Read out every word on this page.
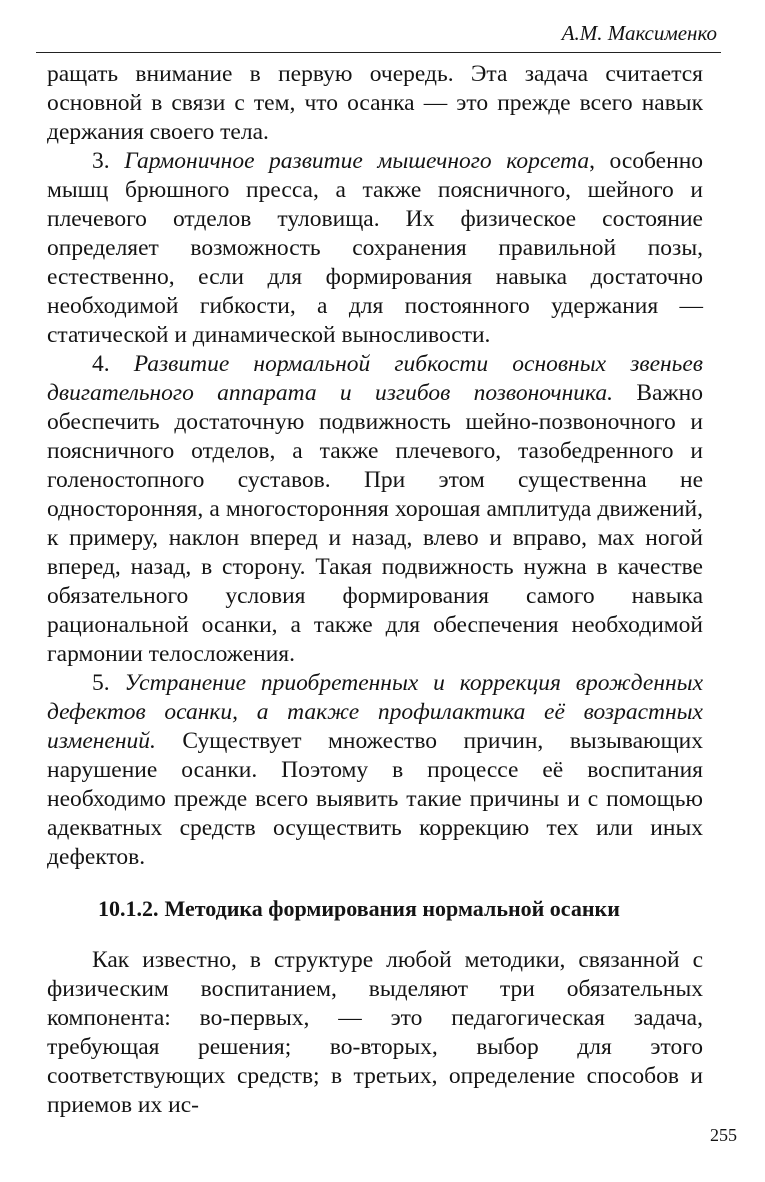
А.М. Максименко

ращать внимание в первую очередь. Эта задача считается основной в связи с тем, что осанка — это прежде всего навык держания своего тела.

3. Гармоничное развитие мышечного корсета, особенно мышц брюшного пресса, а также поясничного, шейного и плечевого отделов туловища. Их физическое состояние определяет возможность сохранения правильной позы, естественно, если для формирования навыка достаточно необходимой гибкости, а для постоянного удержания — статической и динамической выносливости.

4. Развитие нормальной гибкости основных звеньев двигательного аппарата и изгибов позвоночника. Важно обеспечить достаточную подвижность шейно-позвоночного и поясничного отделов, а также плечевого, тазобедренного и голеностопного суставов. При этом существенна не односторонняя, а многосторонняя хорошая амплитуда движений, к примеру, наклон вперед и назад, влево и вправо, мах ногой вперед, назад, в сторону. Такая подвижность нужна в качестве обязательного условия формирования самого навыка рациональной осанки, а также для обеспечения необходимой гармонии телосложения.

5. Устранение приобретенных и коррекция врожденных дефектов осанки, а также профилактика её возрастных изменений. Существует множество причин, вызывающих нарушение осанки. Поэтому в процессе её воспитания необходимо прежде всего выявить такие причины и с помощью адекватных средств осуществить коррекцию тех или иных дефектов.

10.1.2. Методика формирования нормальной осанки

Как известно, в структуре любой методики, связанной с физическим воспитанием, выделяют три обязательных компонента: во-первых, — это педагогическая задача, требующая решения; во-вторых, выбор для этого соответствующих средств; в третьих, определение способов и приемов их ис-

255
